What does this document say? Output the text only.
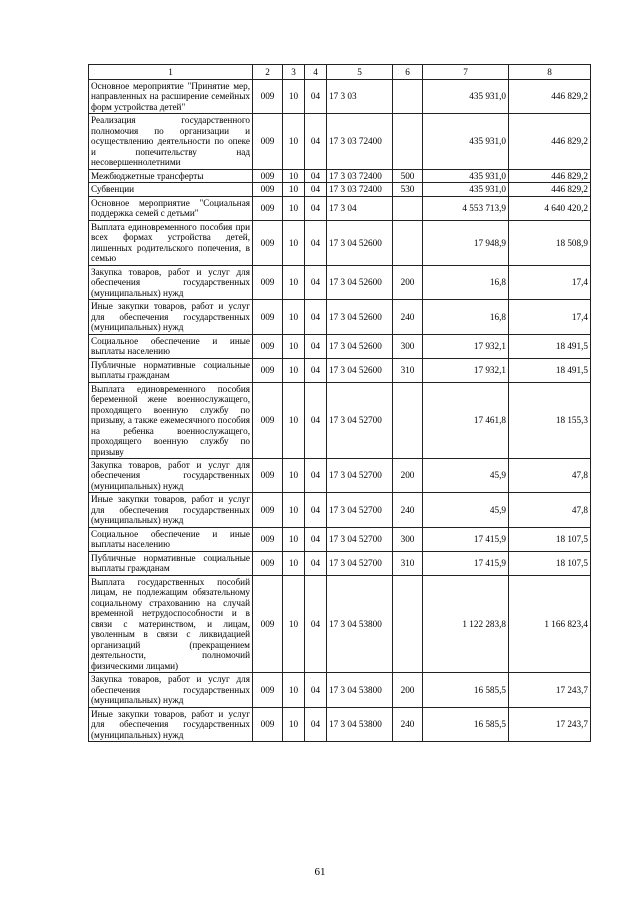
1	2	3	4	5	6	7	8
Основное мероприятие "Принятие мер, направленных на расширение семейных форм устройства детей"	009	10	04	17 3 03		435 931,0	446 829,2
Реализация государственного полномочия по организации и осуществлению деятельности по опеке и попечительству над несовершеннолетними	009	10	04	17 3 03 72400		435 931,0	446 829,2
Межбюджетные трансферты	009	10	04	17 3 03 72400	500	435 931,0	446 829,2
Субвенции	009	10	04	17 3 03 72400	530	435 931,0	446 829,2
Основное мероприятие "Социальная поддержка семей с детьми"	009	10	04	17 3 04		4 553 713,9	4 640 420,2
Выплата единовременного пособия при всех формах устройства детей, лишенных родительского попечения, в семью	009	10	04	17 3 04 52600		17 948,9	18 508,9
Закупка товаров, работ и услуг для обеспечения государственных (муниципальных) нужд	009	10	04	17 3 04 52600	200	16,8	17,4
Иные закупки товаров, работ и услуг для обеспечения государственных (муниципальных) нужд	009	10	04	17 3 04 52600	240	16,8	17,4
Социальное обеспечение и иные выплаты населению	009	10	04	17 3 04 52600	300	17 932,1	18 491,5
Публичные нормативные социальные выплаты гражданам	009	10	04	17 3 04 52600	310	17 932,1	18 491,5
Выплата единовременного пособия беременной жене военнослужащего, проходящего военную службу по призыву, а также ежемесячного пособия на ребенка военнослужащего, проходящего военную службу по призыву	009	10	04	17 3 04 52700		17 461,8	18 155,3
Закупка товаров, работ и услуг для обеспечения государственных (муниципальных) нужд	009	10	04	17 3 04 52700	200	45,9	47,8
Иные закупки товаров, работ и услуг для обеспечения государственных (муниципальных) нужд	009	10	04	17 3 04 52700	240	45,9	47,8
Социальное обеспечение и иные выплаты населению	009	10	04	17 3 04 52700	300	17 415,9	18 107,5
Публичные нормативные социальные выплаты гражданам	009	10	04	17 3 04 52700	310	17 415,9	18 107,5
Выплата государственных пособий лицам, не подлежащим обязательному социальному страхованию на случай временной нетрудоспособности и в связи с материнством, и лицам, уволенным в связи с ликвидацией организаций (прекращением деятельности, полномочий физическими лицами)	009	10	04	17 3 04 53800		1 122 283,8	1 166 823,4
Закупка товаров, работ и услуг для обеспечения государственных (муниципальных) нужд	009	10	04	17 3 04 53800	200	16 585,5	17 243,7
Иные закупки товаров, работ и услуг для обеспечения государственных (муниципальных) нужд	009	10	04	17 3 04 53800	240	16 585,5	17 243,7
61
